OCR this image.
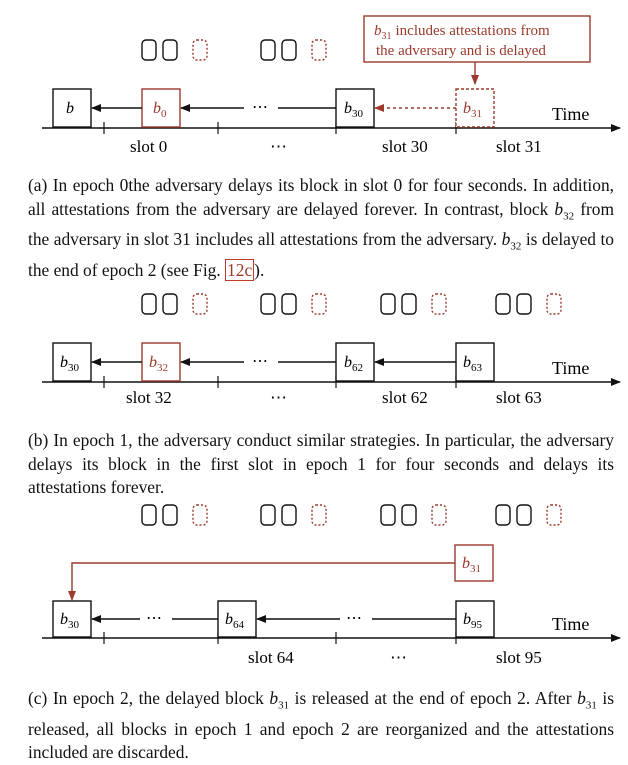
$b_{31}$ includes attestations from
the adversary and is delayed
Time
b	$b_0$	$b_{30}$	$b_{31}$
⋯
slot 0	⋯	slot 30	slot 31
Time
$b_{30}$	$b_{32}$	$b_{62}$	$b_{63}$
⋯
slot 32	⋯	slot 62	slot 63
$b_{31}$
Time
$b_{30}$	$b_{64}$	$b_{95}$
⋯	⋯
slot 64	⋯	slot 95
(a) In epoch 0the adversary delays its block in slot 0 for four seconds. In addition, all attestations from the adversary are delayed forever. In contrast, block $b_{32}$ from the adversary in slot 31 includes all attestations from the adversary. $b_{32}$ is delayed to the end of epoch 2 (see Fig. 12c ).
(b) In epoch 1, the adversary conduct similar strategies. In particular, the adversary delays its block in the first slot in epoch 1 for four seconds and delays its attestations forever.
(c) In epoch 2, the delayed block $b_{31}$ is released at the end of epoch 2. After $b_{31}$ is released, all blocks in epoch 1 and epoch 2 are reorganized and the attestations included are discarded.
